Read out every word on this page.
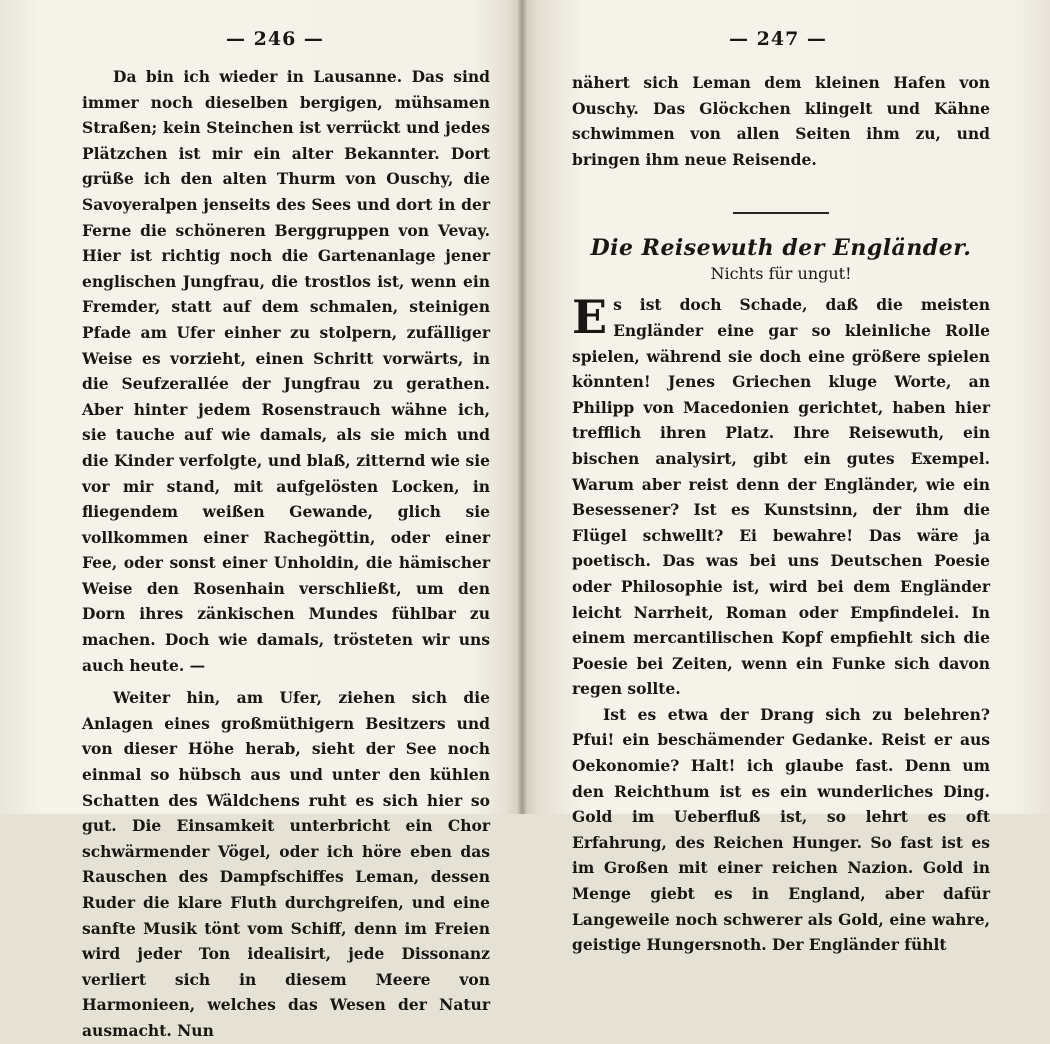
— 246 —

Da bin ich wieder in Lausanne. Das sind immer noch dieselben bergigen, mühsamen Straßen; kein Steinchen ist verrückt und jedes Plätzchen ist mir ein alter Bekannter. Dort grüße ich den alten Thurm von Ouschy, die Savoyeralpen jenseits des Sees und dort in der Ferne die schöneren Berggruppen von Vevay. Hier ist richtig noch die Gartenanlage jener englischen Jungfrau, die trostlos ist, wenn ein Fremder, statt auf dem schmalen, steinigen Pfade am Ufer einher zu stolpern, zufälliger Weise es vorzieht, einen Schritt vorwärts, in die Seufzerallée der Jungfrau zu gerathen. Aber hinter jedem Rosenstrauch wähne ich, sie tauche auf wie damals, als sie mich und die Kinder verfolgte, und blaß, zitternd wie sie vor mir stand, mit aufgelösten Locken, in fliegendem weißen Gewande, glich sie vollkommen einer Rachegöttin, oder einer Fee, oder sonst einer Unholdin, die hämischer Weise den Rosenhain verschließt, um den Dorn ihres zänkischen Mundes fühlbar zu machen. Doch wie damals, trösteten wir uns auch heute. —

Weiter hin, am Ufer, ziehen sich die Anlagen eines großmüthigern Besitzers und von dieser Höhe herab, sieht der See noch einmal so hübsch aus und unter den kühlen Schatten des Wäldchens ruht es sich hier so gut. Die Einsamkeit unterbricht ein Chor schwärmender Vögel, oder ich höre eben das Rauschen des Dampfschiffes Leman, dessen Ruder die klare Fluth durchgreifen, und eine sanfte Musik tönt vom Schiff, denn im Freien wird jeder Ton idealisirt, jede Dissonanz verliert sich in diesem Meere von Harmonieen, welches das Wesen der Natur ausmacht. Nun

— 247 —

nähert sich Leman dem kleinen Hafen von Ouschy. Das Glöckchen klingelt und Kähne schwimmen von allen Seiten ihm zu, und bringen ihm neue Reisende.

Die Reisewuth der Engländer.
Nichts für ungut!

Es ist doch Schade, daß die meisten Engländer eine gar so kleinliche Rolle spielen, während sie doch eine größere spielen könnten! Jenes Griechen kluge Worte, an Philipp von Macedonien gerichtet, haben hier trefflich ihren Platz. Ihre Reisewuth, ein bischen analysirt, gibt ein gutes Exempel. Warum aber reist denn der Engländer, wie ein Besessener? Ist es Kunstsinn, der ihm die Flügel schwellt? Ei bewahre! Das wäre ja poetisch. Das was bei uns Deutschen Poesie oder Philosophie ist, wird bei dem Engländer leicht Narrheit, Roman oder Empfindelei. In einem mercantilischen Kopf empfiehlt sich die Poesie bei Zeiten, wenn ein Funke sich davon regen sollte.

Ist es etwa der Drang sich zu belehren? Pfui! ein beschämender Gedanke. Reist er aus Oekonomie? Halt! ich glaube fast. Denn um den Reichthum ist es ein wunderliches Ding. Gold im Ueberfluß ist, so lehrt es oft Erfahrung, des Reichen Hunger. So fast ist es im Großen mit einer reichen Nazion. Gold in Menge giebt es in England, aber dafür Langeweile noch schwerer als Gold, eine wahre, geistige Hungersnoth. Der Engländer fühlt
